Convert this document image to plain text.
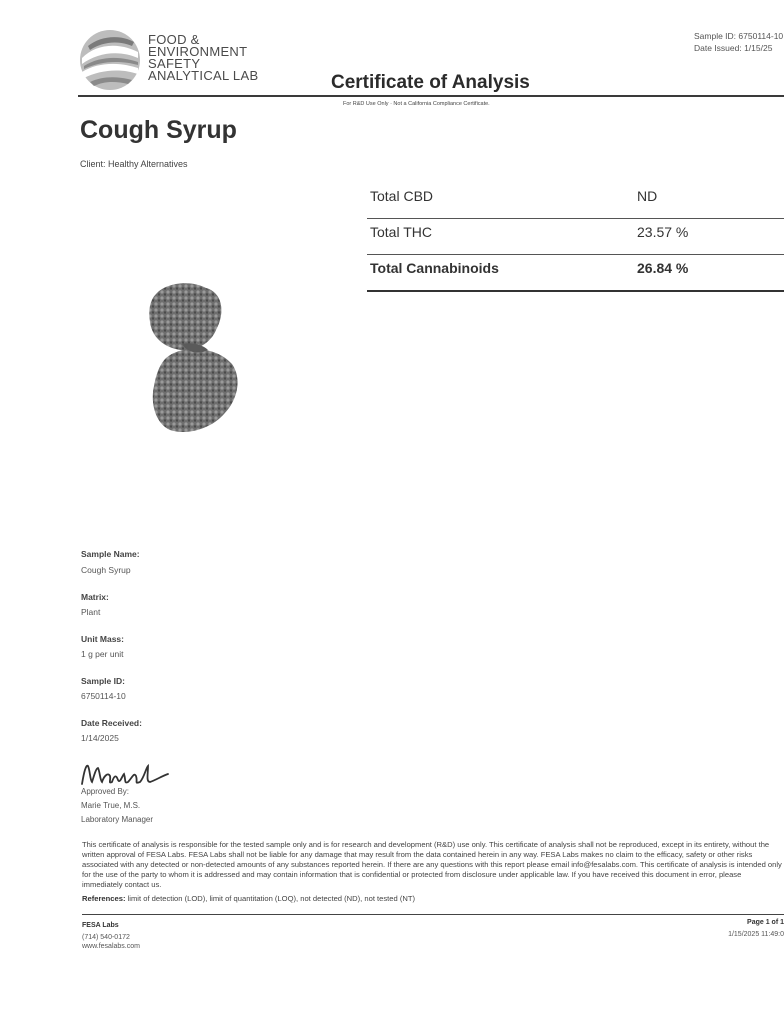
FOOD &
ENVIRONMENT
SAFETY
ANALYTICAL LAB	Certificate of Analysis
For R&D Use Only · Not a California Compliance Certificate.
Sample ID: 6750114-10
Date Issued: 1/15/25
Cough Syrup
Client: Healthy Alternatives
Total CBD	ND
Total THC	23.57 %
Total Cannabinoids	26.84 %
Sample Name:
Cough Syrup
Matrix:
Plant
Unit Mass:
1 g per unit
Sample ID:
6750114-10
Date Received:
1/14/2025
Approved By:
Marie True, M.S.
Laboratory Manager
This certificate of analysis is responsible for the tested sample only and is for research and development (R&D) use only. This certificate of analysis shall not be reproduced, except in its entirety, without the written approval of FESA Labs. FESA Labs shall not be liable for any damage that may result from the data contained herein in any way. FESA Labs makes no claim to the efficacy, safety or other risks associated with any detected or non-detected amounts of any substances reported herein. If there are any questions with this report please email info@fesalabs.com. This certificate of analysis is intended only for the use of the party to whom it is addressed and may contain information that is confidential or protected from disclosure under applicable law. If you have received this document in error, please immediately contact us.
References: limit of detection (LOD), limit of quantitation (LOQ), not detected (ND), not tested (NT)
FESA Labs
(714) 540-0172
www.fesalabs.com
Page 1 of 1
1/15/2025 11:49:0
